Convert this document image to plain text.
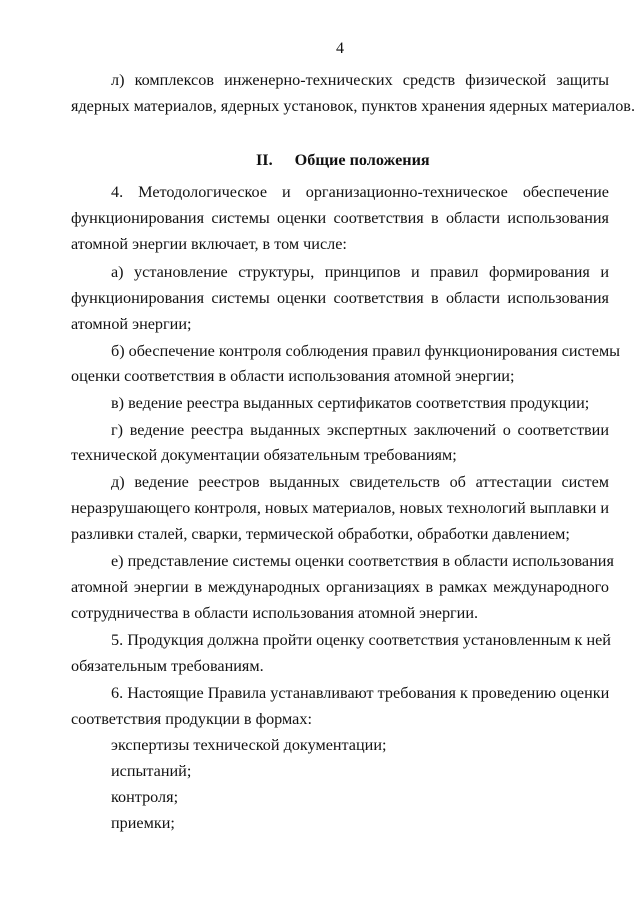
4
л) комплексов инженерно-технических средств физической защиты
ядерных материалов, ядерных установок, пунктов хранения ядерных материалов.
II. Общие положения
4. Методологическое и организационно-техническое обеспечение
функционирования системы оценки соответствия в области использования
атомной энергии включает, в том числе:
а) установление структуры, принципов и правил формирования и
функционирования системы оценки соответствия в области использования
атомной энергии;
б) обеспечение контроля соблюдения правил функционирования системы
оценки соответствия в области использования атомной энергии;
в) ведение реестра выданных сертификатов соответствия продукции;
г) ведение реестра выданных экспертных заключений о соответствии
технической документации обязательным требованиям;
д) ведение реестров выданных свидетельств об аттестации систем
неразрушающего контроля, новых материалов, новых технологий выплавки и
разливки сталей, сварки, термической обработки, обработки давлением;
е) представление системы оценки соответствия в области использования
атомной энергии в международных организациях в рамках международного
сотрудничества в области использования атомной энергии.
5. Продукция должна пройти оценку соответствия установленным к ней
обязательным требованиям.
6. Настоящие Правила устанавливают требования к проведению оценки
соответствия продукции в формах:
экспертизы технической документации;
испытаний;
контроля;
приемки;
